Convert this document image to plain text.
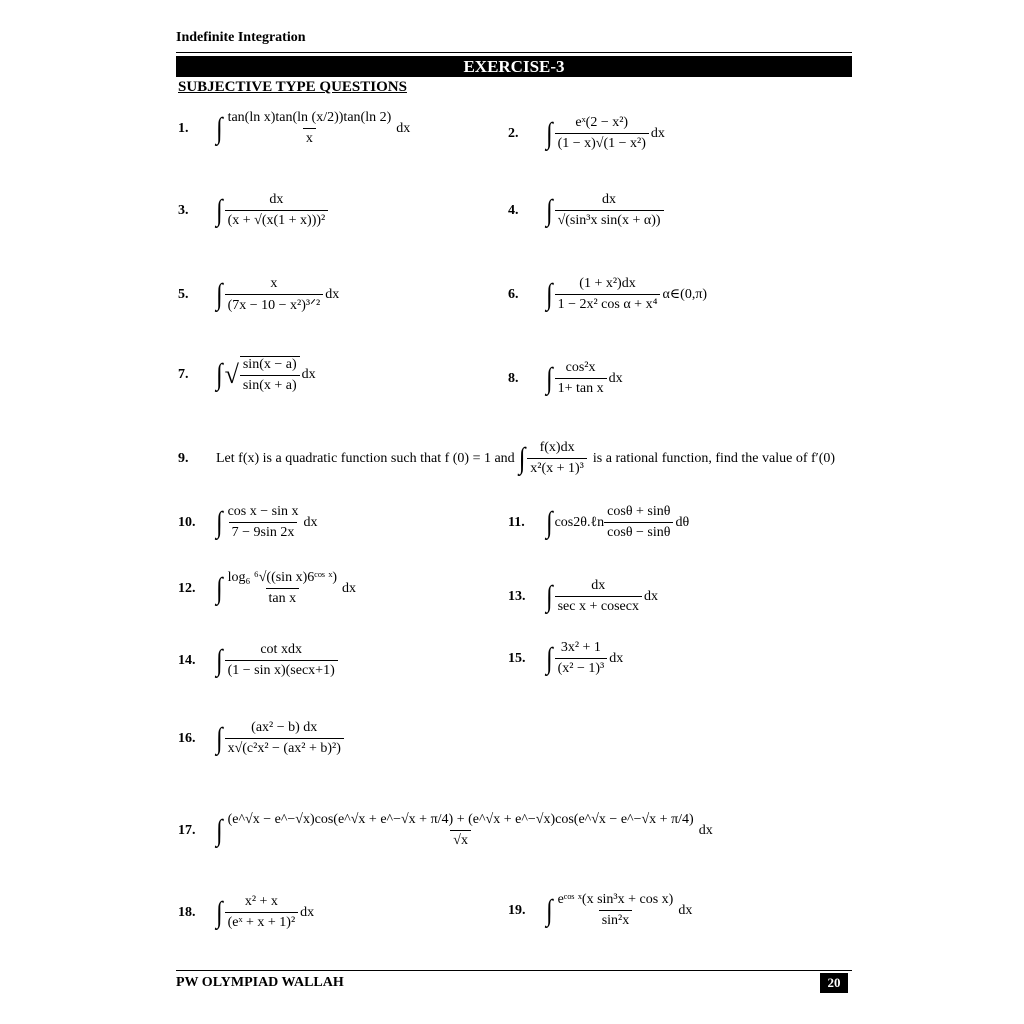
Indefinite Integration
EXERCISE-3
SUBJECTIVE TYPE QUESTIONS
1.	∫ $\frac{\text{tan(ln x)tan(ln (x/2))tan(ln 2)}}{x}$ dx	2.	∫ $\frac{\text{eˣ(2 − x²)}}{\text{(1 − x)√(1 − x²)}}$ dx
3.	∫ $\frac{dx}{\text{(x + √(x(1 + x)))²}}$	4.	∫ $\frac{dx}{\text{√(sin³x sin(x + α))}}$
5.	∫ $\frac{x}{\text{(7x − 10 − x²)³ᐟ²}}$ dx	6.	∫ $\frac{\text{(1 + x²)dx}}{\text{1 − 2x² cos α + x⁴}}$ α∈(0,π)
7.	∫ √ $\frac{\sin(x - a)}{\sin(x + a)}$ dx	8.	∫ $\frac{\text{cos²x}}{\text{1+ tan x}}$ dx
9.	Let f(x) is a quadratic function such that f (0) = 1 and ∫ $\frac{f(x)dx}{\text{x²(x + 1)³}}$ is a rational function, find the value of f′(0)
10. ∫ $\frac{\text{cos x − sin x}}{7 - 9\sin 2x}$ dx	11. ∫ cos2θ.ℓn $\frac{\cos\theta + \sin\theta}{\cos\theta - \sin\theta}$ dθ
12. ∫ $\frac{\text{log₆ ⁶√((sin x)6ᶜᵒˢ ˣ)}}{\text{tan x}}$ dx
13. ∫ $\frac{dx}{\text{sec x + cosecx}}$ dx
14. ∫ $\frac{\text{cot xdx}}{\text{(1 − sin x)(secx+1)}}$	15. ∫ $\frac{\text{3x² + 1}}{\text{(x² − 1)³}}$ dx
16. ∫ $\frac{\text{(ax² − b) dx}}{\text{x√(c²x² − (ax² + b)²)}}$
17. ∫ (e^√x − e^−√x)cos(e^√x + e^−√x + π/4) + (e^√x + e^−√x)cos(e^√x − e^−√x + π/4)
√x
dx
18. ∫ $\frac{\text{x² + x}}{\text{(eˣ + x + 1)²}}$ dx	19. ∫ $\frac{\text{eᶜᵒˢ ˣ(x sin³x + cos x)}}{\text{sin²x}}$ dx
PW OLYMPIAD WALLAH	20
